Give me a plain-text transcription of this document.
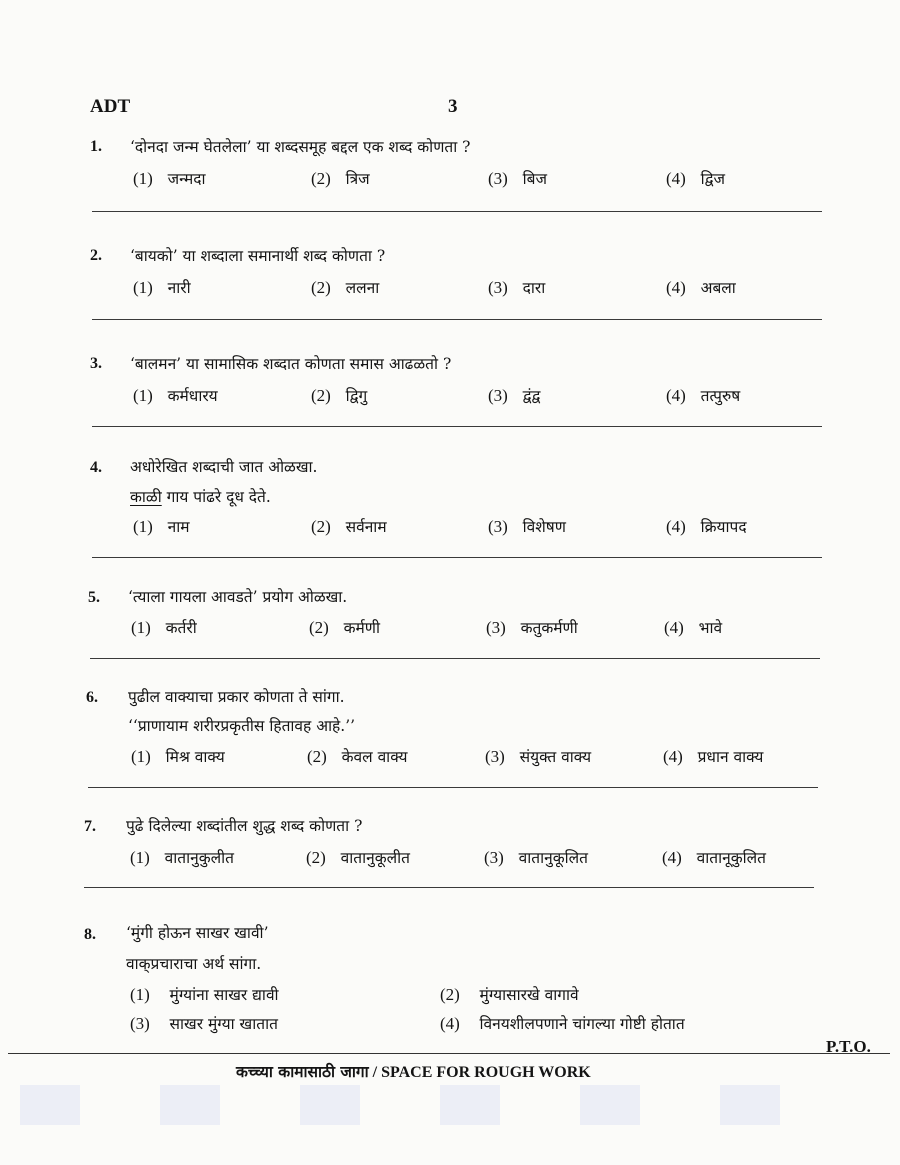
ADT	3
1. ‘दोनदा जन्म घेतलेला’ या शब्दसमूह बद्दल एक शब्द कोणता ?
(1) जन्मदा	(2) त्रिज	(3) बिज	(4) द्विज
2. ‘बायको’ या शब्दाला समानार्थी शब्द कोणता ?
(1) नारी	(2) ललना	(3) दारा	(4) अबला
3. ‘बालमन’ या सामासिक शब्दात कोणता समास आढळतो ?
(1) कर्मधारय	(2) द्विगु	(3) द्वंद्व	(4) तत्पुरुष
4. अधोरेखित शब्दाची जात ओळखा.
काळी गाय पांढरे दूध देते.
(1) नाम	(2) सर्वनाम	(3) विशेषण	(4) क्रियापद
5. ‘त्याला गायला आवडते’ प्रयोग ओळखा.
(1) कर्तरी	(2) कर्मणी	(3) कतुकर्मणी	(4) भावे
6. पुढील वाक्याचा प्रकार कोणता ते सांगा.
‘‘प्राणायाम शरीरप्रकृतीस हितावह आहे.’’
(1) मिश्र वाक्य	(2) केवल वाक्य	(3) संयुक्त वाक्य	(4) प्रधान वाक्य
7. पुढे दिलेल्या शब्दांतील शुद्ध शब्द कोणता ?
(1) वातानुकुलीत	(2) वातानुकूलीत	(3) वातानुकूलित	(4) वातानूकुलित
8. ‘मुंगी होऊन साखर खावी’
वाक्‌प्रचाराचा अर्थ सांगा.
(1) मुंग्यांना साखर द्यावी	(2) मुंग्यासारखे वागावे
(3) साखर मुंग्या खातात	(4) विनयशीलपणाने चांगल्या गोष्टी होतात
P.T.O.
कच्च्या कामासाठी जागा / SPACE FOR ROUGH WORK
